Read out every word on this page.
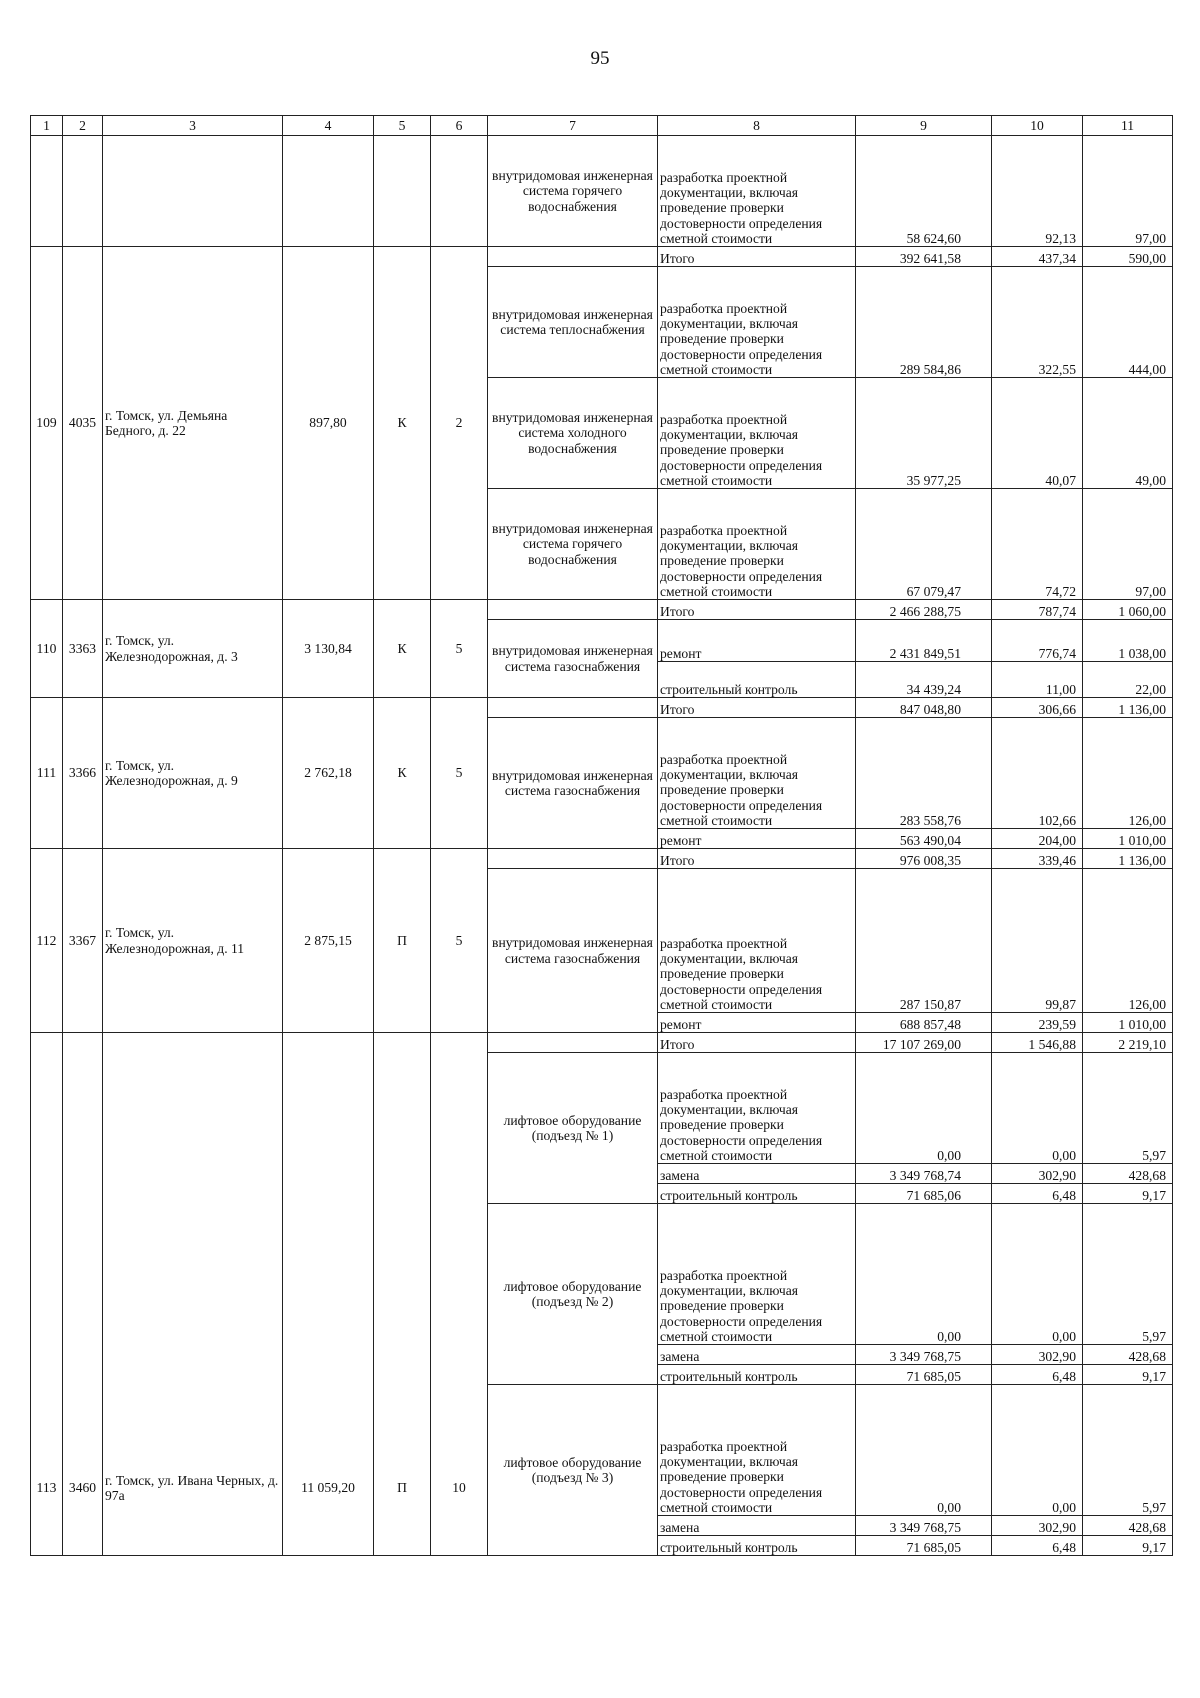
95
1	2	3	4	5	6	7	8	9	10	11
						внутридомовая инженерная система горячего водоснабжения	разработка проектной документации, включая проведение проверки достоверности определения сметной стоимости	58 624,60	92,13	97,00
109	4035	г. Томск, ул. Демьяна Бедного, д. 22	897,80	К	2		Итого	392 641,58	437,34	590,00
						внутридомовая инженерная система теплоснабжения	разработка проектной документации, включая проведение проверки достоверности определения сметной стоимости	289 584,86	322,55	444,00
						внутридомовая инженерная система холодного водоснабжения	разработка проектной документации, включая проведение проверки достоверности определения сметной стоимости	35 977,25	40,07	49,00
						внутридомовая инженерная система горячего водоснабжения	разработка проектной документации, включая проведение проверки достоверности определения сметной стоимости	67 079,47	74,72	97,00
110	3363	г. Томск, ул. Железнодорожная, д. 3	3 130,84	К	5		Итого	2 466 288,75	787,74	1 060,00
						внутридомовая инженерная система газоснабжения	ремонт	2 431 849,51	776,74	1 038,00
							строительный контроль	34 439,24	11,00	22,00
111	3366	г. Томск, ул. Железнодорожная, д. 9	2 762,18	К	5		Итого	847 048,80	306,66	1 136,00
						внутридомовая инженерная система газоснабжения	разработка проектной документации, включая проведение проверки достоверности определения сметной стоимости	283 558,76	102,66	126,00
							ремонт	563 490,04	204,00	1 010,00
112	3367	г. Томск, ул. Железнодорожная, д. 11	2 875,15	П	5		Итого	976 008,35	339,46	1 136,00
						внутридомовая инженерная система газоснабжения	разработка проектной документации, включая проведение проверки достоверности определения сметной стоимости	287 150,87	99,87	126,00
							ремонт	688 857,48	239,59	1 010,00
113	3460	г. Томск, ул. Ивана Черных, д. 97а	11 059,20	П	10		Итого	17 107 269,00	1 546,88	2 219,10
						лифтовое оборудование (подъезд № 1)	разработка проектной документации, включая проведение проверки достоверности определения сметной стоимости	0,00	0,00	5,97
							замена	3 349 768,74	302,90	428,68
							строительный контроль	71 685,06	6,48	9,17
						лифтовое оборудование (подъезд № 2)	разработка проектной документации, включая проведение проверки достоверности определения сметной стоимости	0,00	0,00	5,97
							замена	3 349 768,75	302,90	428,68
							строительный контроль	71 685,05	6,48	9,17
						лифтовое оборудование (подъезд № 3)	разработка проектной документации, включая проведение проверки достоверности определения сметной стоимости	0,00	0,00	5,97
							замена	3 349 768,75	302,90	428,68
							строительный контроль	71 685,05	6,48	9,17
